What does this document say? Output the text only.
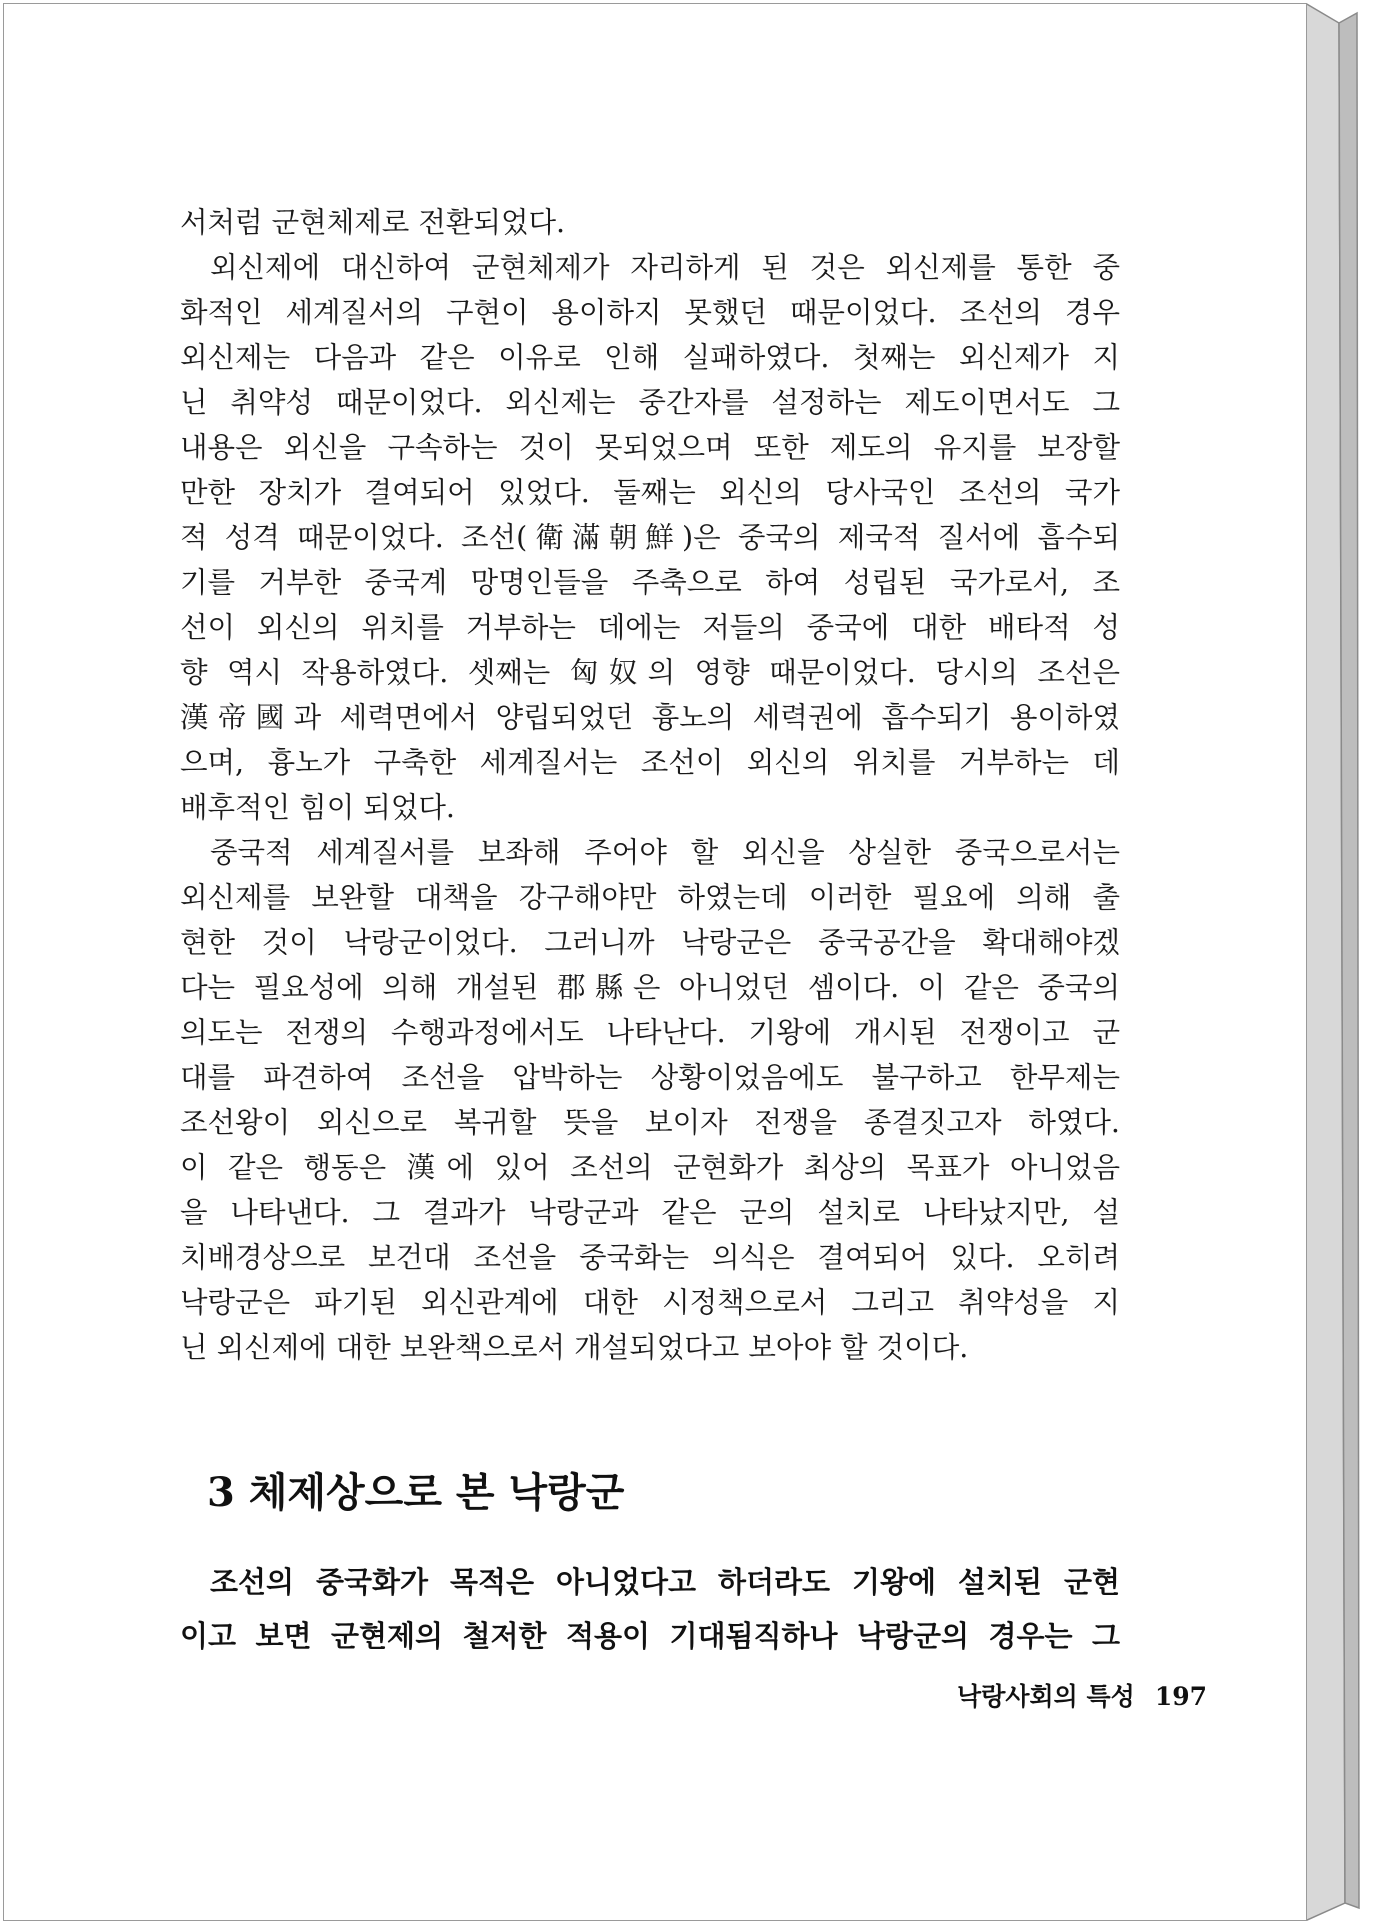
서처럼 군현체제로 전환되었다.
외신제에 대신하여 군현체제가 자리하게 된 것은 외신제를 통한 중
화적인 세계질서의 구현이 용이하지 못했던 때문이었다. 조선의 경우
외신제는 다음과 같은 이유로 인해 실패하였다. 첫째는 외신제가 지
닌 취약성 때문이었다. 외신제는 중간자를 설정하는 제도이면서도 그
내용은 외신을 구속하는 것이 못되었으며 또한 제도의 유지를 보장할
만한 장치가 결여되어 있었다. 둘째는 외신의 당사국인 조선의 국가
적 성격 때문이었다. 조선(衛滿朝鮮)은 중국의 제국적 질서에 흡수되
기를 거부한 중국계 망명인들을 주축으로 하여 성립된 국가로서, 조
선이 외신의 위치를 거부하는 데에는 저들의 중국에 대한 배타적 성
향 역시 작용하였다. 셋째는 匈奴의 영향 때문이었다. 당시의 조선은
漢帝國과 세력면에서 양립되었던 흉노의 세력권에 흡수되기 용이하였
으며, 흉노가 구축한 세계질서는 조선이 외신의 위치를 거부하는 데
배후적인 힘이 되었다.
중국적 세계질서를 보좌해 주어야 할 외신을 상실한 중국으로서는
외신제를 보완할 대책을 강구해야만 하였는데 이러한 필요에 의해 출
현한 것이 낙랑군이었다. 그러니까 낙랑군은 중국공간을 확대해야겠
다는 필요성에 의해 개설된 郡縣은 아니었던 셈이다. 이 같은 중국의
의도는 전쟁의 수행과정에서도 나타난다. 기왕에 개시된 전쟁이고 군
대를 파견하여 조선을 압박하는 상황이었음에도 불구하고 한무제는
조선왕이 외신으로 복귀할 뜻을 보이자 전쟁을 종결짓고자 하였다.
이 같은 행동은 漢에 있어 조선의 군현화가 최상의 목표가 아니었음
을 나타낸다. 그 결과가 낙랑군과 같은 군의 설치로 나타났지만, 설
치배경상으로 보건대 조선을 중국화는 의식은 결여되어 있다. 오히려
낙랑군은 파기된 외신관계에 대한 시정책으로서 그리고 취약성을 지
닌 외신제에 대한 보완책으로서 개설되었다고 보아야 할 것이다.
3 체제상으로 본 낙랑군
조선의 중국화가 목적은 아니었다고 하더라도 기왕에 설치된 군현
이고 보면 군현제의 철저한 적용이 기대됨직하나 낙랑군의 경우는 그
낙랑사회의 특성 197
